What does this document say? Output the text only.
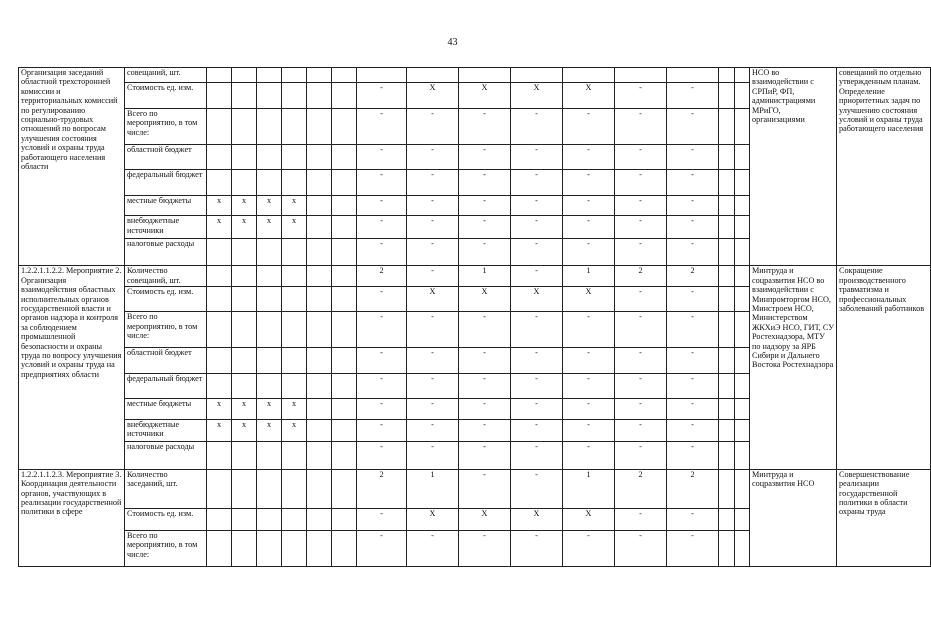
43
Организация заседаний областной трехсторонней комиссии и территориальных комиссий по регулированию социально-трудовых отношений по вопросам улучшения состояния условий и охраны труда работающего населения области	совещаний, шт.																НСО во взаимодействии с СРПиР, ФП, администрациями МРиГО, организациями	совещаний по отдельно утвержденным планам. Определение приоритетных задач по улучшению состояния условий и охраны труда работающего населения
	Стоимость ед. изм.							-	X	X	X	X	-	-				
	Всего по мероприятию, в том числе:							-	-	-	-	-	-	-				
	областной бюджет							-	-	-	-	-	-	-				
	федеральный бюджет							-	-	-	-	-	-	-				
	местные бюджеты	x	x	x	x			-	-	-	-	-	-	-				
	внебюджетные источники	x	x	x	x			-	-	-	-	-	-	-				
	налоговые расходы							-	-	-	-	-	-	-				
1.2.2.1.1.2.2. Мероприятие 2. Организация взаимодействия областных исполнительных органов государственной власти и органов надзора и контроля за соблюдением промышленной безопасности и охраны труда по вопросу улучшения условий и охраны труда на предприятиях области	Количество совещаний, шт.							2	-	1	-	1	2	2			Минтруда и соцразвития НСО во взаимодействии с Минпромторгом НСО, Минстроем НСО, Министерством ЖКХиЭ НСО, ГИТ, СУ Ростехнадзора, МТУ по надзору за ЯРБ Сибири и Дальнего Востока Ростехнадзора	Сокращение производственного травматизма и профессиональных заболеваний работников
	Стоимость ед. изм.							-	X	X	X	X	-	-				
	Всего по мероприятию, в том числе:							-	-	-	-	-	-	-				
	областной бюджет							-	-	-	-	-	-	-				
	федеральный бюджет							-	-	-	-	-	-	-				
	местные бюджеты	x	x	x	x			-	-	-	-	-	-	-				
	внебюджетные источники	x	x	x	x			-	-	-	-	-	-	-				
	налоговые расходы							-	-	-	-	-	-	-				
1.2.2.1.1.2.3. Мероприятие 3. Координация деятельности органов, участвующих в реализации государственной политики в сфере	Количество заседаний, шт.							2	1	-	-	1	2	2			Минтруда и соцразвития НСО	Совершенствование реализации государственной политики в области охраны труда
	Стоимость ед. изм.							-	X	X	X	X	-	-				
	Всего по мероприятию, в том числе:							-	-	-	-	-	-	-				
